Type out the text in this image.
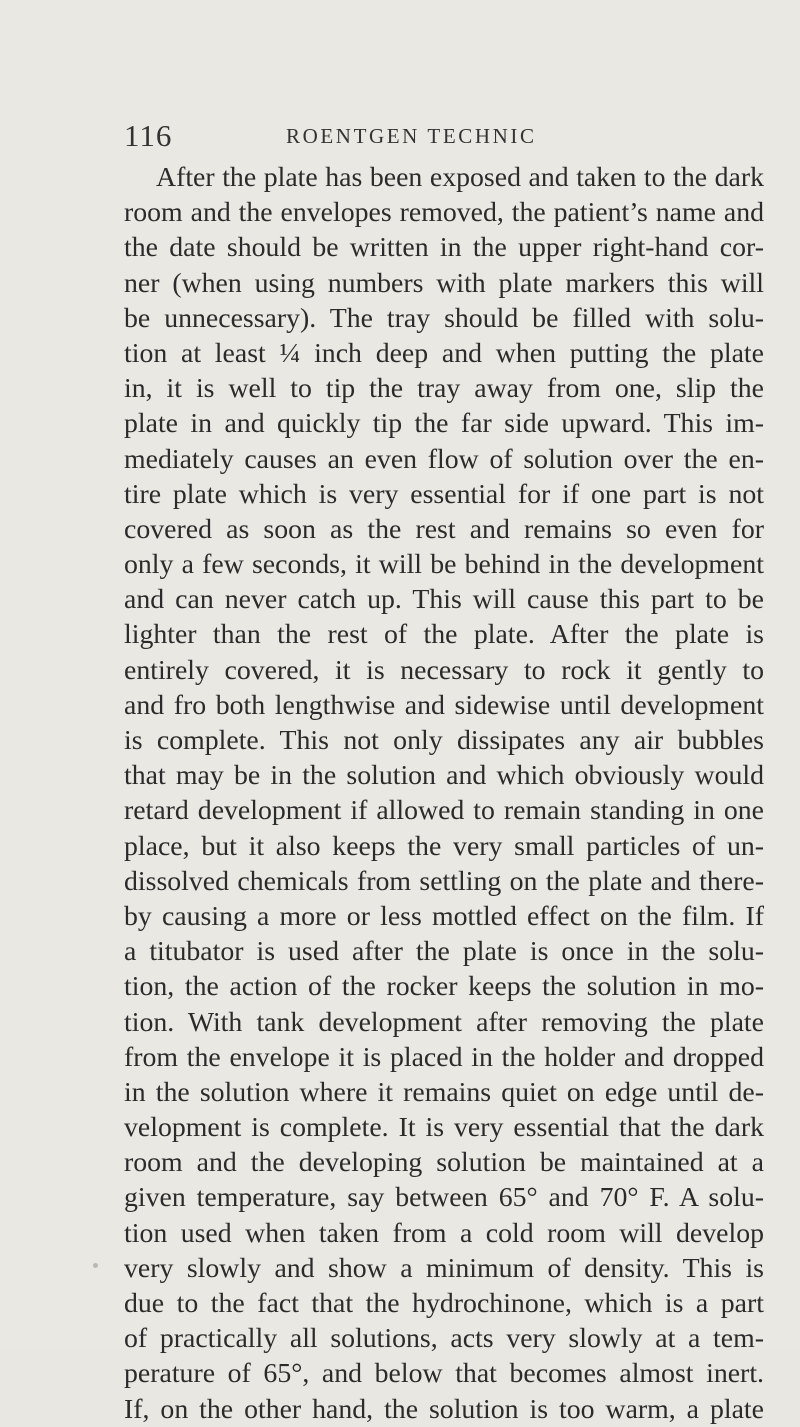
116	ROENTGEN TECHNIC
After the plate has been exposed and taken to the dark
room and the envelopes removed, the patient’s name and
the date should be written in the upper right-hand cor-
ner (when using numbers with plate markers this will
be unnecessary). The tray should be filled with solu-
tion at least ¼ inch deep and when putting the plate
in, it is well to tip the tray away from one, slip the
plate in and quickly tip the far side upward. This im-
mediately causes an even flow of solution over the en-
tire plate which is very essential for if one part is not
covered as soon as the rest and remains so even for
only a few seconds, it will be behind in the development
and can never catch up. This will cause this part to be
lighter than the rest of the plate. After the plate is
entirely covered, it is necessary to rock it gently to
and fro both lengthwise and sidewise until development
is complete. This not only dissipates any air bubbles
that may be in the solution and which obviously would
retard development if allowed to remain standing in one
place, but it also keeps the very small particles of un-
dissolved chemicals from settling on the plate and there-
by causing a more or less mottled effect on the film. If
a titubator is used after the plate is once in the solu-
tion, the action of the rocker keeps the solution in mo-
tion. With tank development after removing the plate
from the envelope it is placed in the holder and dropped
in the solution where it remains quiet on edge until de-
velopment is complete. It is very essential that the dark
room and the developing solution be maintained at a
given temperature, say between 65° and 70° F. A solu-
tion used when taken from a cold room will develop
very slowly and show a minimum of density. This is
due to the fact that the hydrochinone, which is a part
of practically all solutions, acts very slowly at a tem-
perature of 65°, and below that becomes almost inert.
If, on the other hand, the solution is too warm, a plate
